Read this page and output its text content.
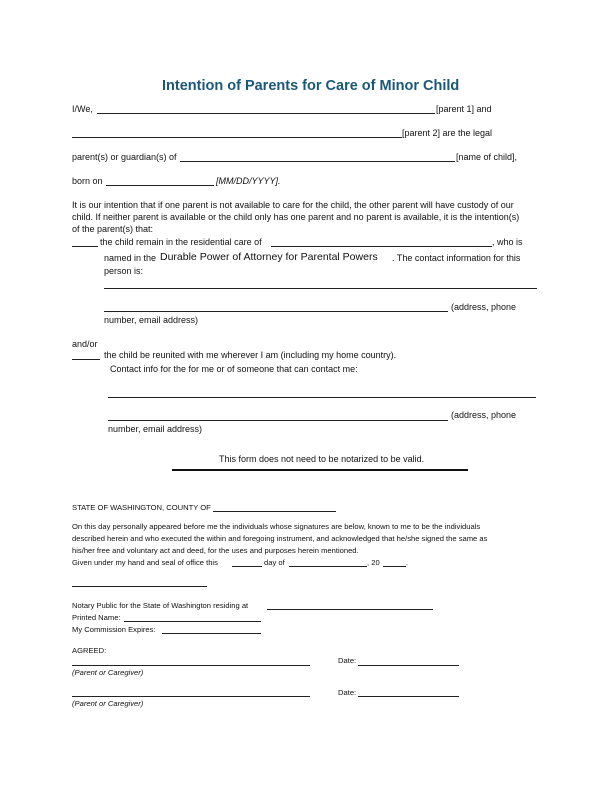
Intention of Parents for Care of Minor Child
I/We,	[parent 1] and
[parent 2] are the legal
parent(s) or guardian(s) of	[name of child],
born on	[MM/DD/YYYY].
It is our intention that if one parent is not available to care for the child, the other parent will have custody of our
child. If neither parent is available or the child only has one parent and no parent is available, it is the intention(s)
of the parent(s) that:
the child remain in the residential care of	, who is
named in the Durable Power of Attorney for Parental Powers . The contact information for this
person is:
(address, phone
number, email address)
and/or
the child be reunited with me wherever I am (including my home country).
Contact info for the for me or of someone that can contact me:
(address, phone
number, email address)
This form does not need to be notarized to be valid.
STATE OF WASHINGTON, COUNTY OF
On this day personally appeared before me the individuals whose signatures are below, known to me to be the individuals
described herein and who executed the within and foregoing instrument, and acknowledged that he/she signed the same as
his/her free and voluntary act and deed, for the uses and purposes herein mentioned.
Given under my hand and seal of office this	day of	, 20	.
Notary Public for the State of Washington residing at
Printed Name:
My Commission Expires:
AGREED:
Date:
(Parent or Caregiver)
Date:
(Parent or Caregiver)
